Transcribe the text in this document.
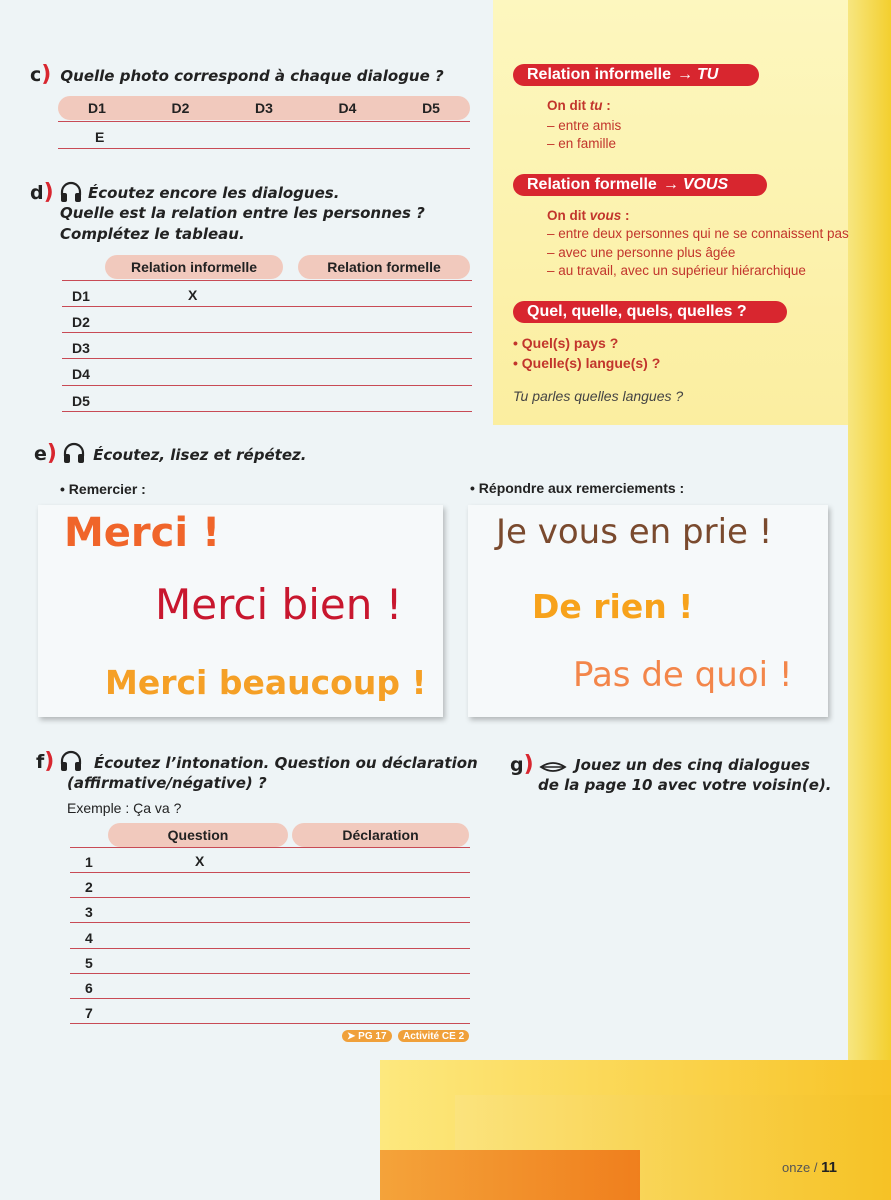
c) Quelle photo correspond à chaque dialogue ?
D1	D2	D3	D4	D5
E
d)	Écoutez encore les dialogues.
Quelle est la relation entre les personnes ?
Complétez le tableau.
Relation informelle	Relation formelle
D1	X
D2
D3
D4
D5
Relation informelle → TU
On dit tu :
– entre amis
– en famille
Relation formelle → VOUS
On dit vous :
– entre deux personnes qui ne se connaissent pas
– avec une personne plus âgée
– au travail, avec un supérieur hiérarchique
Quel, quelle, quels, quelles ?
• Quel(s) pays ?
• Quelle(s) langue(s) ?
Tu parles quelles langues ?
e) Écoutez, lisez et répétez.
• Remercier :	• Répondre aux remerciements :
Merci !
Merci bien !
Merci beaucoup !
Je vous en prie !
De rien !
Pas de quoi !
f)	Écoutez l’intonation. Question ou déclaration
(affirmative/négative) ?
Exemple : Ça va ?
Question	Déclaration
1	X
2
3
4
5
6
7
➤ PG 17	Activité CE 2
g)	Jouez un des cinq dialogues
de la page 10 avec votre voisin(e).
onze / 11
